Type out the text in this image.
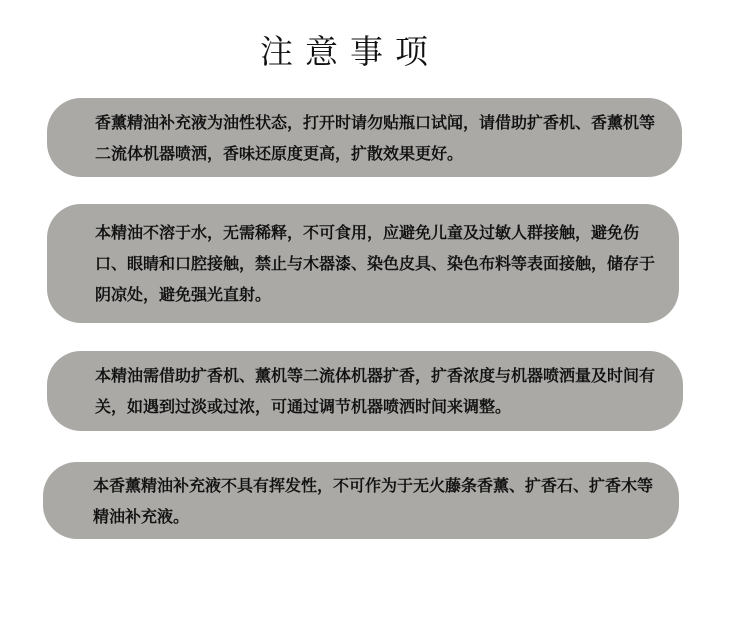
注意事项

香薰精油补充液为油性状态，打开时请勿贴瓶口试闻，请借助扩香机、香薰机等二流体机器喷洒，香味还原度更高，扩散效果更好。

本精油不溶于水，无需稀释，不可食用，应避免儿童及过敏人群接触，避免伤口、眼睛和口腔接触，禁止与木器漆、染色皮具、染色布料等表面接触，储存于阴凉处，避免强光直射。

本精油需借助扩香机、薰机等二流体机器扩香，扩香浓度与机器喷洒量及时间有关，如遇到过淡或过浓，可通过调节机器喷洒时间来调整。

本香薰精油补充液不具有挥发性，不可作为于无火藤条香薰、扩香石、扩香木等精油补充液。
